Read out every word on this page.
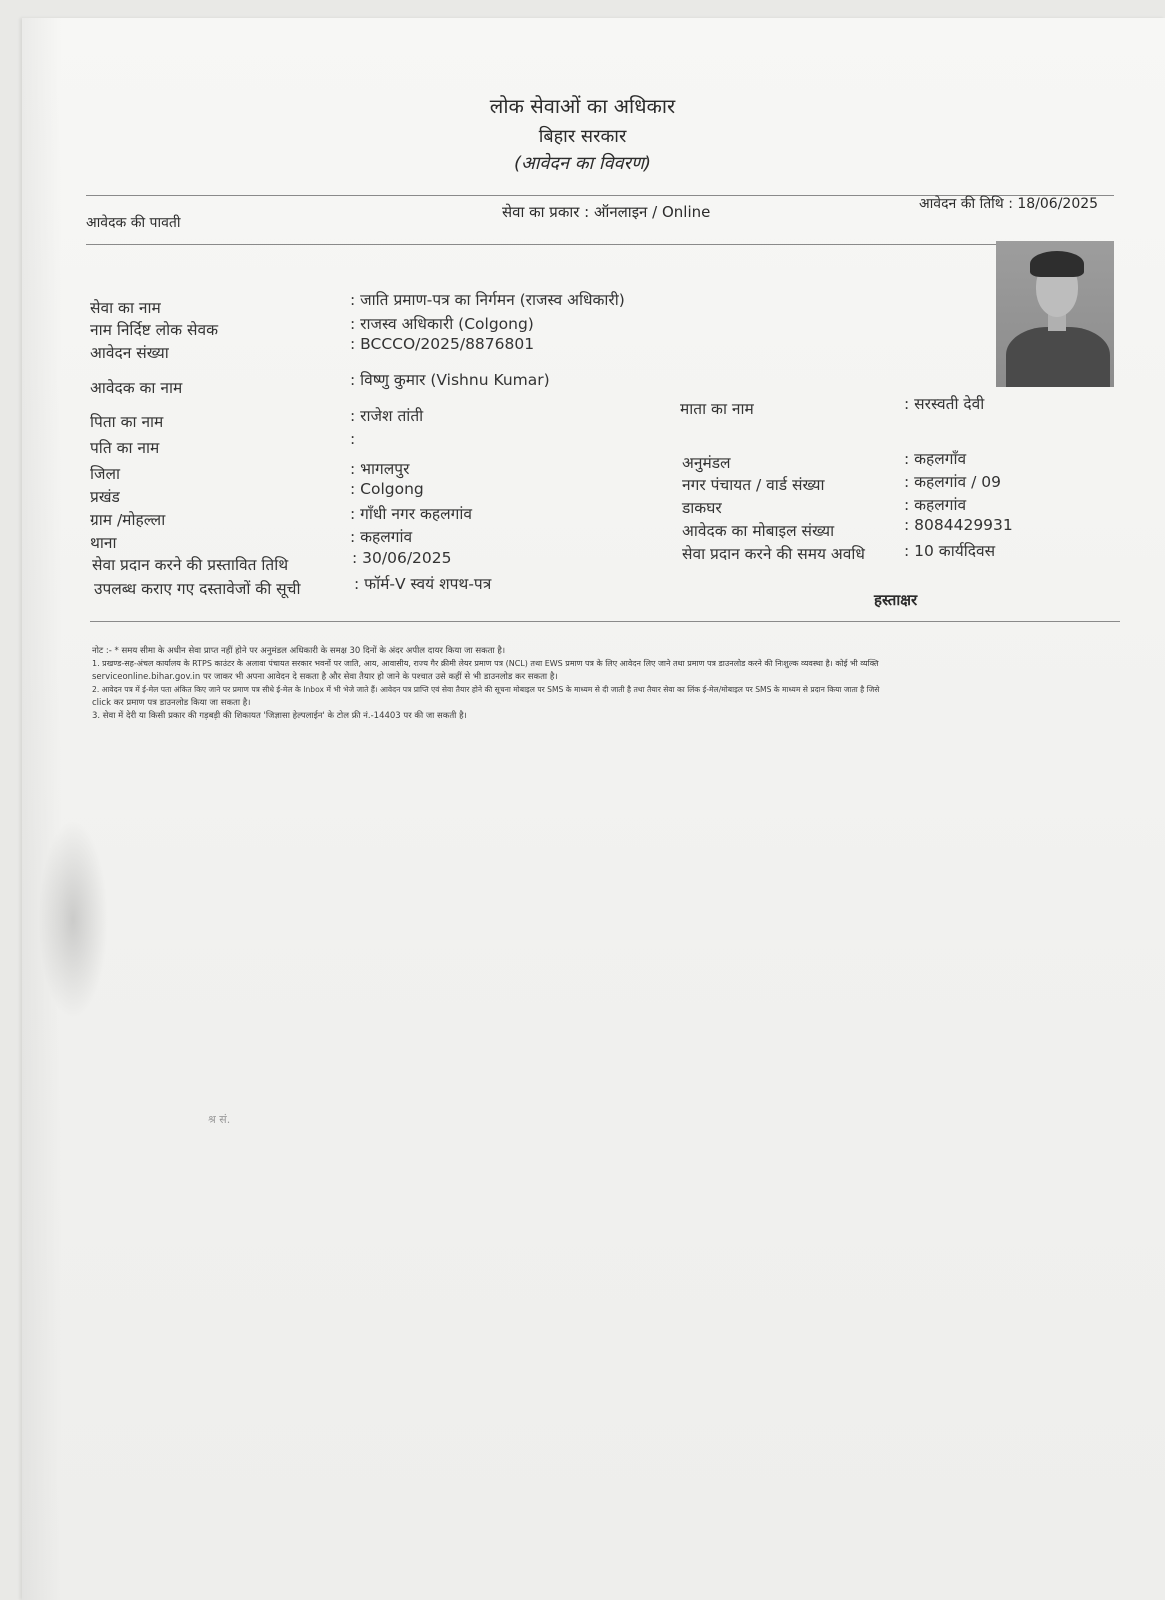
लोक सेवाओं का अधिकार
बिहार सरकार
(आवेदन का विवरण)
आवेदक की पावती
सेवा का प्रकार : ऑनलाइन / Online	आवेदन की तिथि : 18/06/2025
सेवा का नाम	: जाति प्रमाण-पत्र का निर्गमन (राजस्व अधिकारी)
नाम निर्दिष्ट लोक सेवक	: राजस्व अधिकारी (Colgong)
आवेदन संख्या	: BCCCO/2025/8876801
आवेदक का नाम	: विष्णु कुमार (Vishnu Kumar)
पिता का नाम	: राजेश तांती
पति का नाम	:
जिला	: भागलपुर
प्रखंड	: Colgong
ग्राम /मोहल्ला	: गाँधी नगर कहलगांव
थाना	: कहलगांव
सेवा प्रदान करने की प्रस्तावित तिथि	: 30/06/2025
उपलब्ध कराए गए दस्तावेजों की सूची	: फॉर्म-V स्वयं शपथ-पत्र
माता का नाम	: सरस्वती देवी
अनुमंडल	: कहलगाँव
नगर पंचायत / वार्ड संख्या	: कहलगांव / 09
डाकघर	: कहलगांव
आवेदक का मोबाइल संख्या	: 8084429931
सेवा प्रदान करने की समय अवधि	: 10 कार्यदिवस
हस्ताक्षर
नोट :- * समय सीमा के अधीन सेवा प्राप्त नहीं होने पर अनुमंडल अधिकारी के समक्ष 30 दिनों के अंदर अपील दायर किया जा सकता है।
1. प्रखण्ड-सह-अंचल कार्यालय के RTPS काउंटर के अलावा पंचायत सरकार भवनों पर जाति, आय, आवासीय, राज्य गैर क्रीमी लेयर प्रमाण पत्र (NCL) तथा EWS प्रमाण पत्र के लिए आवेदन लिए जाने तथा प्रमाण पत्र डाउनलोड करने की निःशुल्क व्यवस्था है। कोई भी व्यक्ति
serviceonline.bihar.gov.in पर जाकर भी अपना आवेदन दे सकता है और सेवा तैयार हो जाने के पश्चात उसे कहीं से भी डाउनलोड कर सकता है।
2. आवेदन पत्र में ई-मेल पता अंकित किए जाने पर प्रमाण पत्र सीधे ई-मेल के Inbox में भी भेजे जाते हैं। आवेदन पत्र प्राप्ति एवं सेवा तैयार होने की सूचना मोबाइल पर SMS के माध्यम से दी जाती है तथा तैयार सेवा का लिंक ई-मेल/मोबाइल पर SMS के माध्यम से प्रदान किया जाता है जिसे
click कर प्रमाण पत्र डाउनलोड किया जा सकता है।
3. सेवा में देरी या किसी प्रकार की गड़बड़ी की शिकायत 'जिज्ञासा हेल्पलाईन' के टोल फ्री नं.-14403 पर की जा सकती है।
श्र सं.
